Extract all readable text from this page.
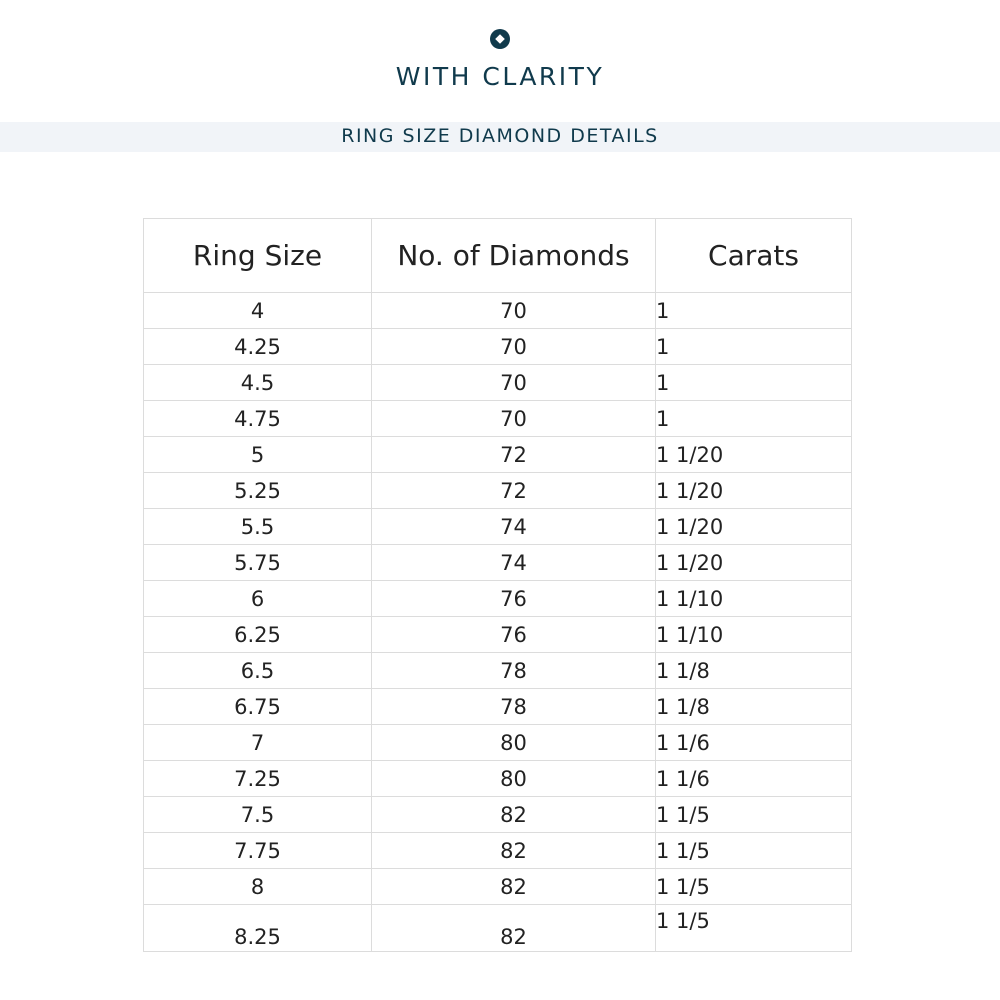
WITH CLARITY
RING SIZE DIAMOND DETAILS
Ring Size	No. of Diamonds	Carats
4	70	1
4.25	70	1
4.5	70	1
4.75	70	1
5	72	1 1/20
5.25	72	1 1/20
5.5	74	1 1/20
5.75	74	1 1/20
6	76	1 1/10
6.25	76	1 1/10
6.5	78	1 1/8
6.75	78	1 1/8
7	80	1 1/6
7.25	80	1 1/6
7.5	82	1 1/5
7.75	82	1 1/5
8	82	1 1/5
8.25	82	1 1/5
